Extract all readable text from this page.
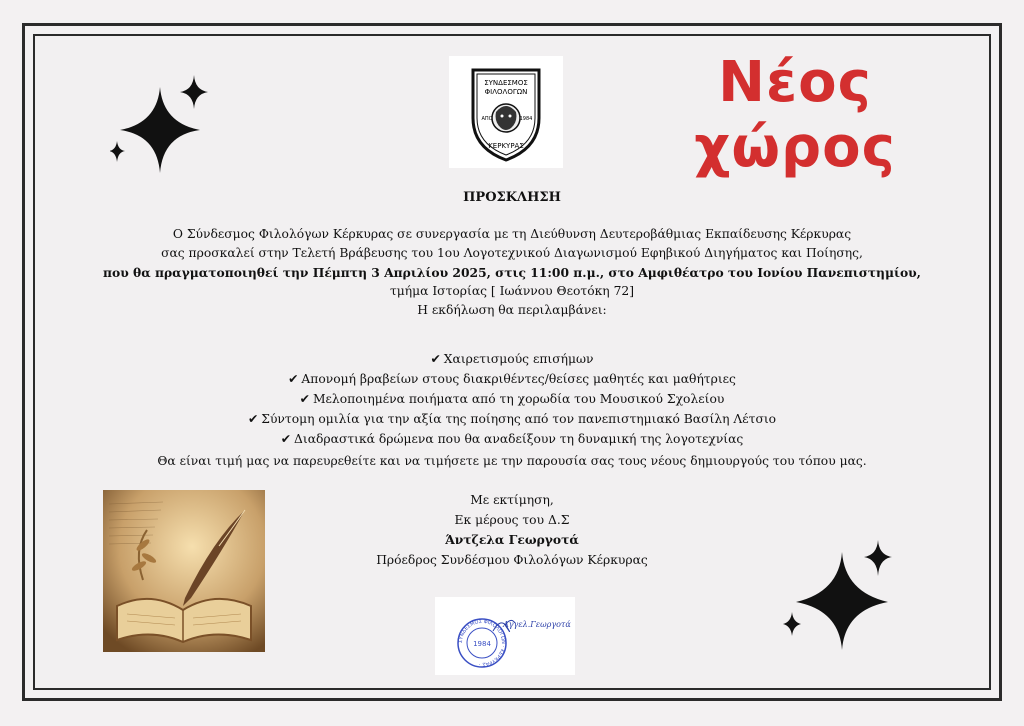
Νέος χώρος
ΣΥΝΔΕΣΜΟΣ
ΦΙΛΟΛΟΓΩΝ
ΑΠΟ	1984
ΚΕΡΚΥΡΑΣ
ΠΡΟΣΚΛΗΣΗ
Ο Σύνδεσμος Φιλολόγων Κέρκυρας σε συνεργασία με τη Διεύθυνση Δευτεροβάθμιας Εκπαίδευσης Κέρκυρας
σας προσκαλεί στην Τελετή Βράβευσης του 1ου Λογοτεχνικού Διαγωνισμού Εφηβικού Διηγήματος και Ποίησης,
που θα πραγματοποιηθεί την Πέμπτη 3 Απριλίου 2025, στις 11:00 π.μ., στο Αμφιθέατρο του Ιονίου Πανεπιστημίου,
τμήμα Ιστορίας [ Ιωάννου Θεοτόκη 72]
Η εκδήλωση θα περιλαμβάνει:
✔ Χαιρετισμούς επισήμων
✔ Απονομή βραβείων στους διακριθέντες/θείσες μαθητές και μαθήτριες
✔ Μελοποιημένα ποιήματα από τη χορωδία του Μουσικού Σχολείου
✔ Σύντομη ομιλία για την αξία της ποίησης από τον πανεπιστημιακό Βασίλη Λέτσιο
✔ Διαδραστικά δρώμενα που θα αναδείξουν τη δυναμική της λογοτεχνίας
Θα είναι τιμή μας να παρευρεθείτε και να τιμήσετε με την παρουσία σας τους νέους δημιουργούς του τόπου μας.
Με εκτίμηση,
Εκ μέρους του Δ.Σ
Άντζελα Γεωργοτά
Πρόεδρος Συνδέσμου Φιλολόγων Κέρκυρας
ΣΥΝΔΕΣΜΟΣ ΦΙΛΟΛΟΓΩΝ · ΚΕΡΚΥΡΑΣ ·
1984
Αγγελ.Γεωργοτά
